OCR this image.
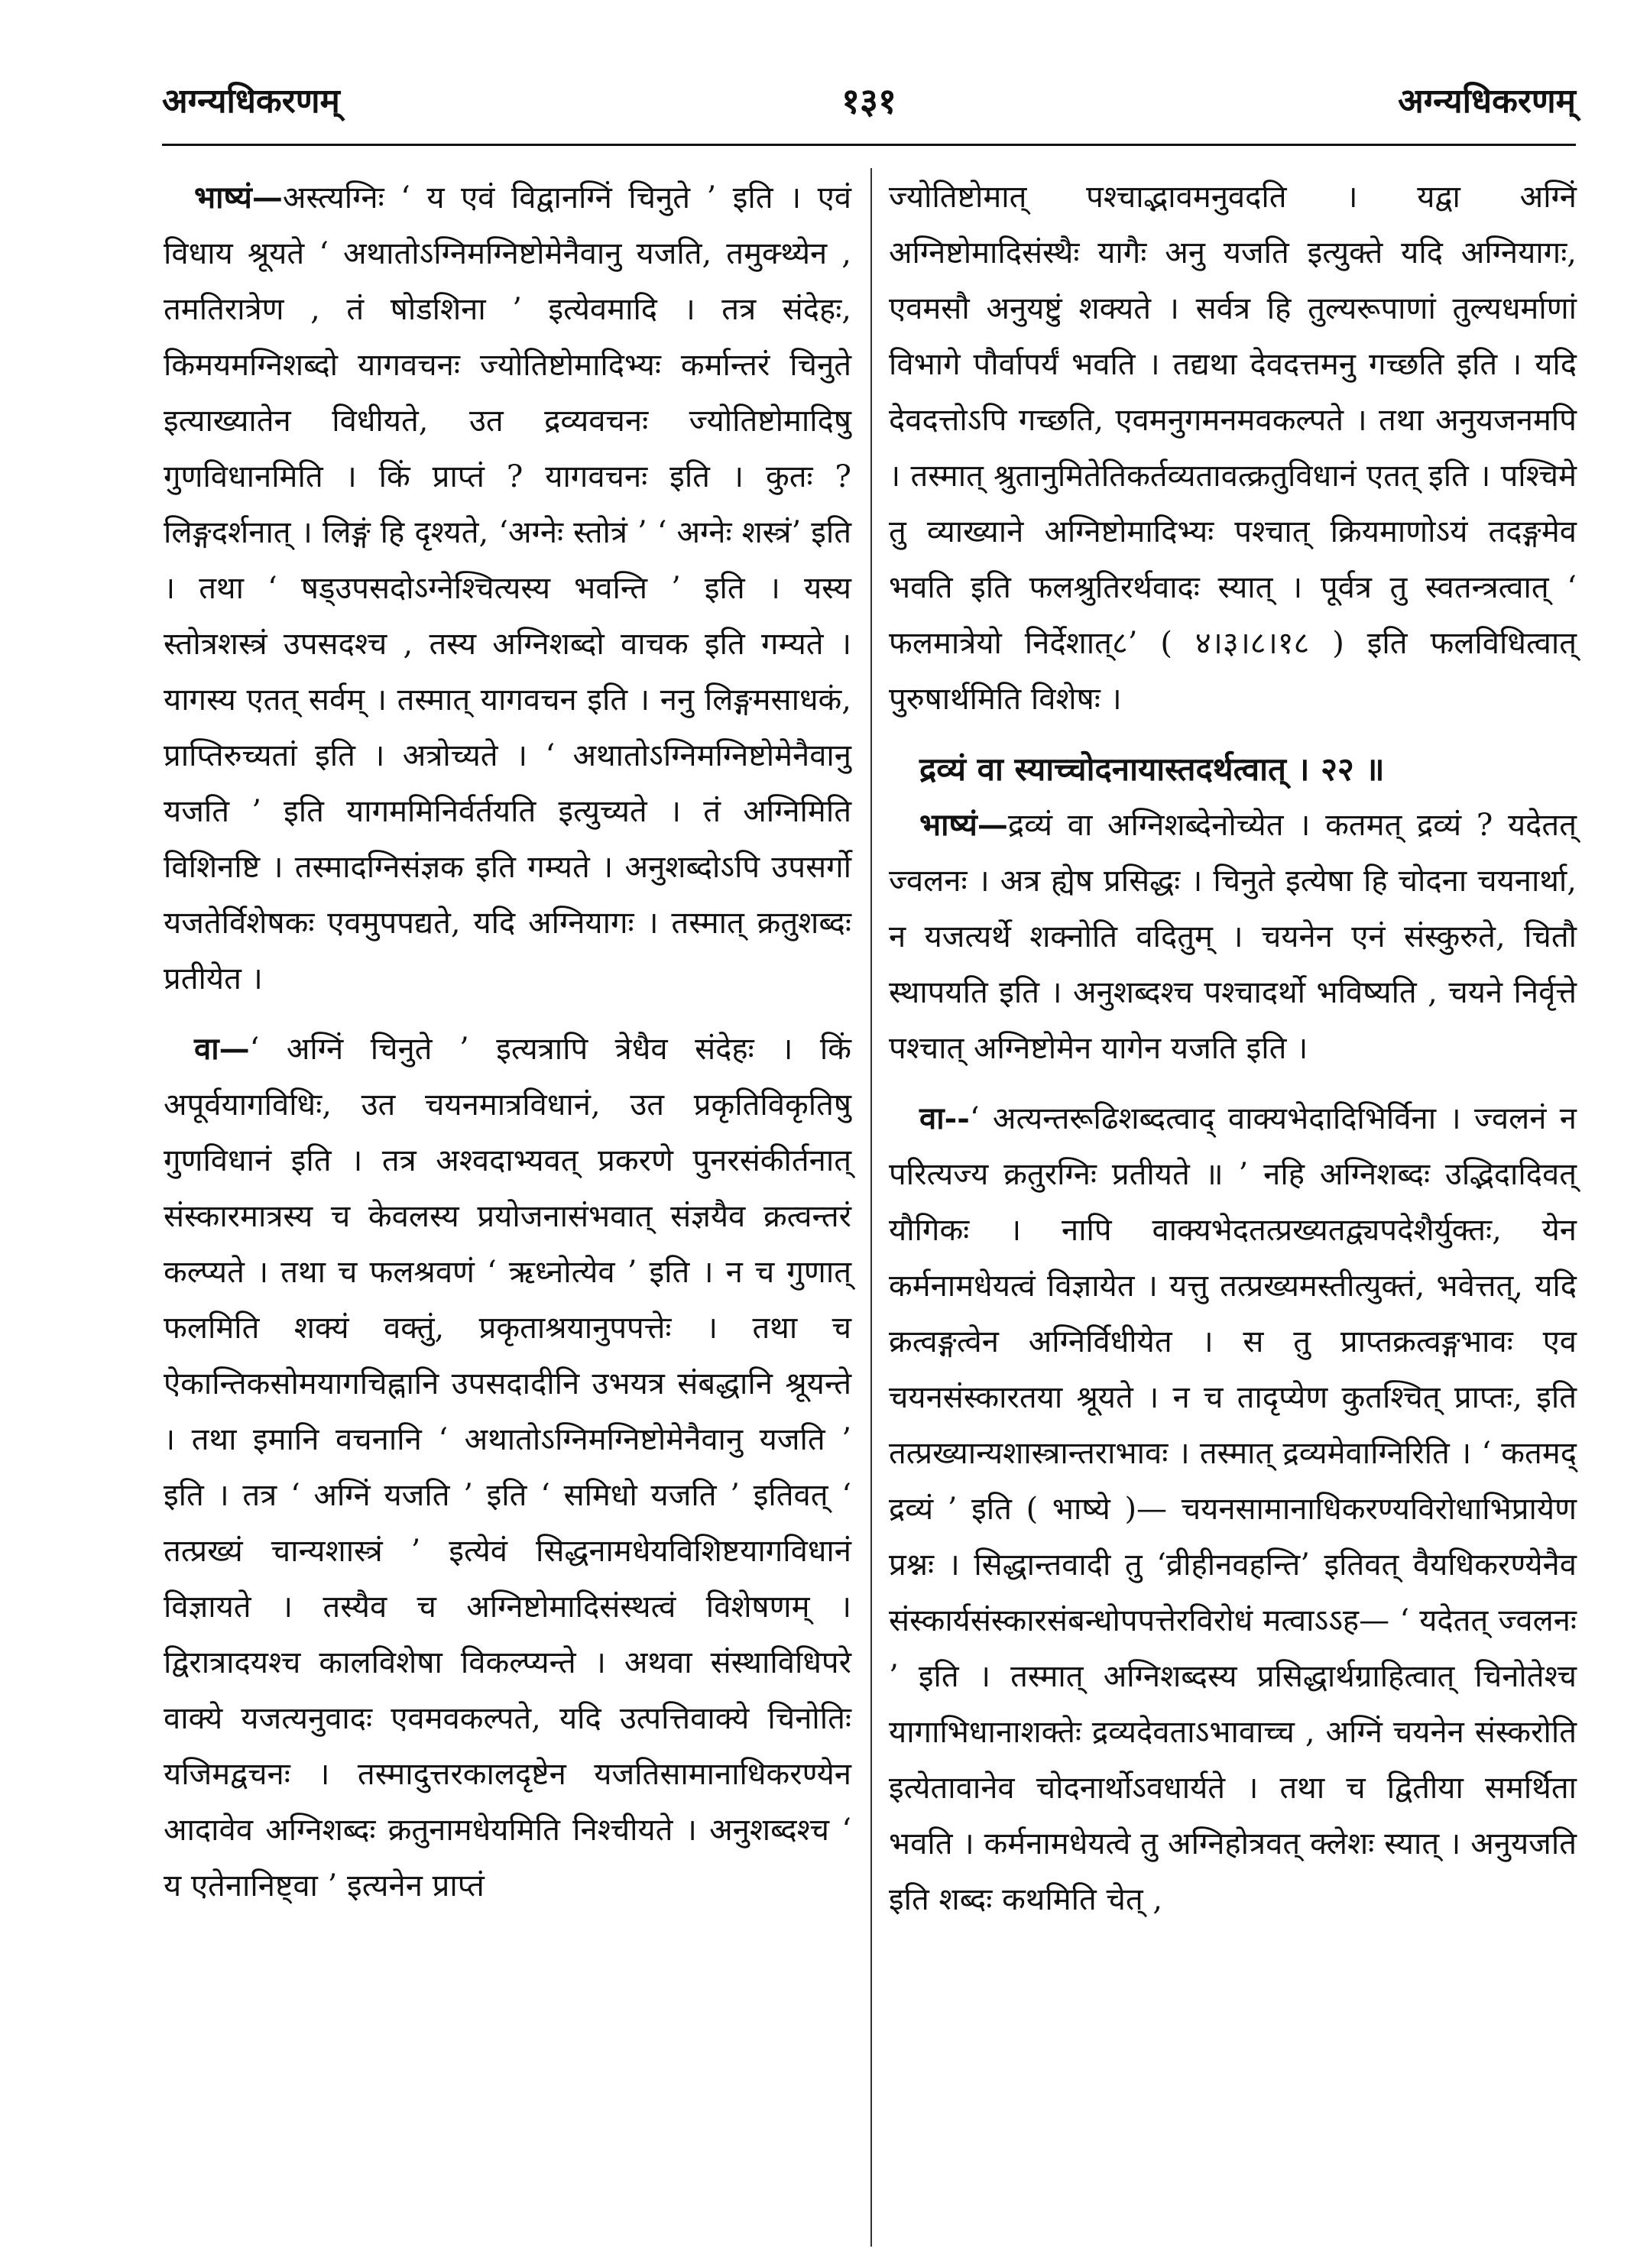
अग्न्यधिकरणम्	१३१	अग्न्यधिकरणम्

भाष्यं—अस्त्यग्निः ‘ य एवं विद्वानग्निं चिनुते ’ इति । एवं विधाय श्रूयते ‘ अथातोऽग्निमग्निष्टोमेनैवानु यजति, तमुक्थ्येन , तमतिरात्रेण , तं षोडशिना ’ इत्येवमादि । तत्र संदेहः, किमयमग्निशब्दो यागवचनः ज्योतिष्टोमादिभ्यः कर्मान्तरं चिनुते इत्याख्यातेन विधीयते, उत द्रव्यवचनः ज्योतिष्टोमादिषु गुणविधानमिति । किं प्राप्तं ? यागवचनः इति । कुतः ? लिङ्गदर्शनात् । लिङ्गं हि दृश्यते, ‘अग्नेः स्तोत्रं ’ ‘ अग्नेः शस्त्रं’ इति । तथा ‘ षड्उपसदोऽग्नेश्चित्यस्य भवन्ति ’ इति । यस्य स्तोत्रशस्त्रं उपसदश्च , तस्य अग्निशब्दो वाचक इति गम्यते । यागस्य एतत् सर्वम् । तस्मात् यागवचन इति । ननु लिङ्गमसाधकं, प्राप्तिरुच्यतां इति । अत्रोच्यते । ‘ अथातोऽग्निमग्निष्टोमेनैवानु यजति ’ इति यागममिनिर्वर्तयति इत्युच्यते । तं अग्निमिति विशिनष्टि । तस्मादग्निसंज्ञक इति गम्यते । अनुशब्दोऽपि उपसर्गो यजतेर्विशेषकः एवमुपपद्यते, यदि अग्नियागः । तस्मात् क्रतुशब्दः प्रतीयेत ।

वा—‘ अग्निं चिनुते ’ इत्यत्रापि त्रेधैव संदेहः । किं अपूर्वयागविधिः, उत चयनमात्रविधानं, उत प्रकृतिविकृतिषु गुणविधानं इति । तत्र अश्वदाभ्यवत् प्रकरणे पुनरसंकीर्तनात् संस्कारमात्रस्य च केवलस्य प्रयोजनासंभवात् संज्ञयैव क्रत्वन्तरं कल्प्यते । तथा च फलश्रवणं ‘ ऋध्नोत्येव ’ इति । न च गुणात् फलमिति शक्यं वक्तुं, प्रकृताश्रयानुपपत्तेः । तथा च ऐकान्तिकसोमयागचिह्नानि उपसदादीनि उभयत्र संबद्धानि श्रूयन्ते । तथा इमानि वचनानि ‘ अथातोऽग्निमग्निष्टोमेनैवानु यजति ’ इति । तत्र ‘ अग्निं यजति ’ इति ‘ समिधो यजति ’ इतिवत् ‘ तत्प्रख्यं चान्यशास्त्रं ’ इत्येवं सिद्धनामधेयविशिष्टयागविधानं विज्ञायते । तस्यैव च अग्निष्टोमादिसंस्थत्वं विशेषणम् । द्विरात्रादयश्च कालविशेषा विकल्प्यन्ते । अथवा संस्थाविधिपरे वाक्ये यजत्यनुवादः एवमवकल्पते, यदि उत्पत्तिवाक्ये चिनोतिः यजिमद्वचनः । तस्मादुत्तरकालदृष्टेन यजतिसामानाधिकरण्येन आदावेव अग्निशब्दः क्रतुनामधेयमिति निश्चीयते । अनुशब्दश्च ‘ य एतेनानिष्ट्वा ’ इत्यनेन प्राप्तं

ज्योतिष्टोमात् पश्चाद्भावमनुवदति । यद्वा अग्निं अग्निष्टोमादिसंस्थैः यागैः अनु यजति इत्युक्ते यदि अग्नियागः, एवमसौ अनुयष्टुं शक्यते । सर्वत्र हि तुल्यरूपाणां तुल्यधर्माणां विभागे पौर्वापर्यं भवति । तद्यथा देवदत्तमनु गच्छति इति । यदि देवदत्तोऽपि गच्छति, एवमनुगमनमवकल्पते । तथा अनुयजनमपि । तस्मात् श्रुतानुमितेतिकर्तव्यतावत्क्रतुविधानं एतत् इति । पश्चिमे तु व्याख्याने अग्निष्टोमादिभ्यः पश्चात् क्रियमाणोऽयं तदङ्गमेव भवति इति फलश्रुतिरर्थवादः स्यात् । पूर्वत्र तु स्वतन्त्रत्वात् ‘ फलमात्रेयो निर्देशात्८’ ( ४।३।८।१८ ) इति फलविधित्वात् पुरुषार्थमिति विशेषः ।

द्रव्यं वा स्याच्चोदनायास्तदर्थत्वात् । २२ ॥

भाष्यं—द्रव्यं वा अग्निशब्देनोच्येत । कतमत् द्रव्यं ? यदेतत् ज्वलनः । अत्र ह्येष प्रसिद्धः । चिनुते इत्येषा हि चोदना चयनार्था, न यजत्यर्थे शक्नोति वदितुम् । चयनेन एनं संस्कुरुते, चितौ स्थापयति इति । अनुशब्दश्च पश्चादर्थो भविष्यति , चयने निर्वृत्ते पश्चात् अग्निष्टोमेन यागेन यजति इति ।

वा--‘ अत्यन्तरूढिशब्दत्वाद् वाक्यभेदादिभिर्विना । ज्वलनं न परित्यज्य क्रतुरग्निः प्रतीयते ॥ ’ नहि अग्निशब्दः उद्भिदादिवत् यौगिकः । नापि वाक्यभेदतत्प्रख्यतद्व्यपदेशैर्युक्तः, येन कर्मनामधेयत्वं विज्ञायेत । यत्तु तत्प्रख्यमस्तीत्युक्तं, भवेत्तत्, यदि क्रत्वङ्गत्वेन अग्निर्विधीयेत । स तु प्राप्तक्रत्वङ्गभावः एव चयनसंस्कारतया श्रूयते । न च तादृप्येण कुतश्चित् प्राप्तः, इति तत्प्रख्यान्यशास्त्रान्तराभावः । तस्मात् द्रव्यमेवाग्निरिति । ‘ कतमद् द्रव्यं ’ इति ( भाष्ये )— चयनसामानाधिकरण्यविरोधाभिप्रायेण प्रश्नः । सिद्धान्तवादी तु ‘व्रीहीनवहन्ति’ इतिवत् वैयधिकरण्येनैव संस्कार्यसंस्कारसंबन्धोपपत्तेरविरोधं मत्वाऽऽह— ‘ यदेतत् ज्वलनः ’ इति । तस्मात् अग्निशब्दस्य प्रसिद्धार्थग्राहित्वात् चिनोतेश्च यागाभिधानाशक्तेः द्रव्यदेवताऽभावाच्च , अग्निं चयनेन संस्करोति इत्येतावानेव चोदनार्थोऽवधार्यते । तथा च द्वितीया समर्थिता भवति । कर्मनामधेयत्वे तु अग्निहोत्रवत् क्लेशः स्यात् । अनुयजति इति शब्दः कथमिति चेत् ,
